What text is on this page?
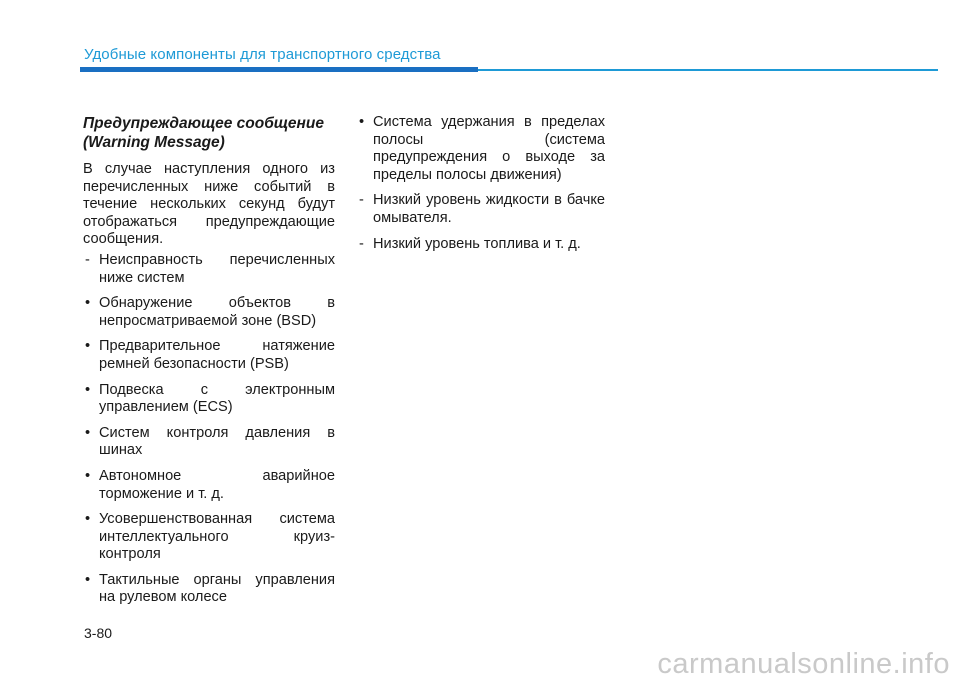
Удобные компоненты для транспортного средства
Предупреждающее сообщение (Warning Message)
В случае наступления одного из перечисленных ниже событий в течение нескольких секунд будут отображаться предупреждающие сообщения.
- Неисправность перечисленных ниже систем
• Обнаружение объектов в непросматриваемой зоне (BSD)
• Предварительное натяжение ремней безопасности (PSB)
• Подвеска с электронным управлением (ECS)
• Систем контроля давления в шинах
• Автономное аварийное торможение и т. д.
• Усовершенствованная система интеллектуального круиз-контроля
• Тактильные органы управления на рулевом колесе
• Система удержания в пределах полосы (система предупреждения о выходе за пределы полосы движения)
- Низкий уровень жидкости в бачке омывателя.
- Низкий уровень топлива и т. д.
3-80
carmanualsonline.info
